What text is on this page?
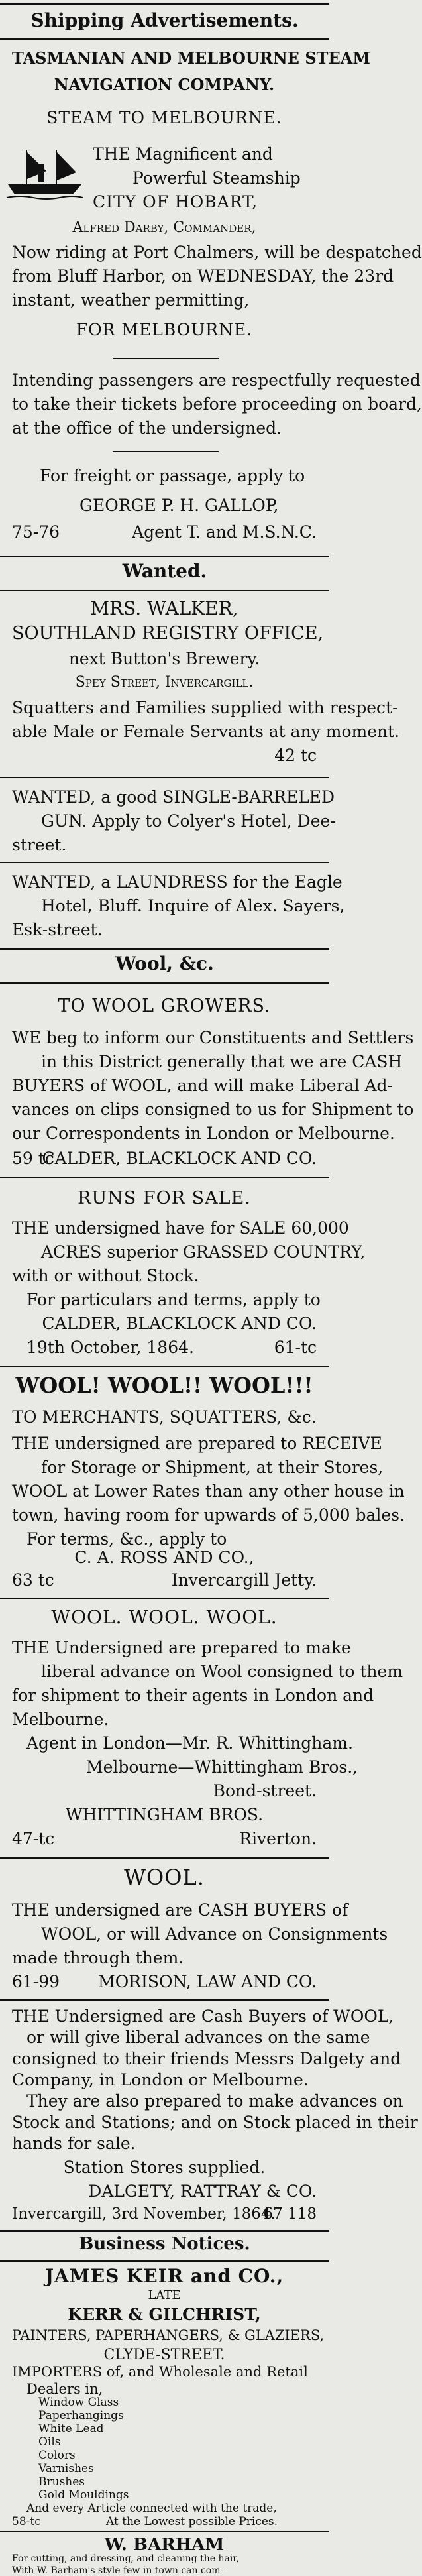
Shipping Advertisements.
TASMANIAN AND MELBOURNE STEAM
NAVIGATION COMPANY.
STEAM TO MELBOURNE.
THE Magnificent and
Powerful Steamship
CITY OF HOBART,
Alfred Darby, Commander,
Now riding at Port Chalmers, will be despatched
from Bluff Harbor, on WEDNESDAY, the 23rd
instant, weather permitting,
FOR MELBOURNE.
Intending passengers are respectfully requested
to take their tickets before proceeding on board,
at the office of the undersigned.
For freight or passage, apply to
GEORGE P. H. GALLOP,
75-76	Agent T. and M.S.N.C.
Wanted.
MRS. WALKER,
SOUTHLAND REGISTRY OFFICE,
next Button's Brewery.
Spey Street, Invercargill.
Squatters and Families supplied with respect-
able Male or Female Servants at any moment.
42 tc
WANTED, a good SINGLE-BARRELED
GUN. Apply to Colyer's Hotel, Dee-
street.
WANTED, a LAUNDRESS for the Eagle
Hotel, Bluff. Inquire of Alex. Sayers,
Esk-street.
Wool, &c.
TO WOOL GROWERS.
WE beg to inform our Constituents and Settlers
in this District generally that we are CASH
BUYERS of WOOL, and will make Liberal Ad-
vances on clips consigned to us for Shipment to
our Correspondents in London or Melbourne.
59 tc
CALDER, BLACKLOCK AND CO.
RUNS FOR SALE.
THE undersigned have for SALE 60,000
ACRES superior GRASSED COUNTRY,
with or without Stock.
For particulars and terms, apply to
CALDER, BLACKLOCK AND CO.
19th October, 1864.	61-tc
WOOL! WOOL!! WOOL!!!
TO MERCHANTS, SQUATTERS, &c.
THE undersigned are prepared to RECEIVE
for Storage or Shipment, at their Stores,
WOOL at Lower Rates than any other house in
town, having room for upwards of 5,000 bales.
For terms, &c., apply to
C. A. ROSS AND CO.,
63 tc	Invercargill Jetty.
WOOL. WOOL. WOOL.
THE Undersigned are prepared to make
liberal advance on Wool consigned to them
for shipment to their agents in London and
Melbourne.
Agent in London—Mr. R. Whittingham.
Melbourne—Whittingham Bros.,
Bond-street.
WHITTINGHAM BROS.
47-tc	Riverton.
WOOL.
THE undersigned are CASH BUYERS of
WOOL, or will Advance on Consignments
made through them.
61-99	MORISON, LAW AND CO.
THE Undersigned are Cash Buyers of WOOL,
or will give liberal advances on the same
consigned to their friends Messrs Dalgety and
Company, in London or Melbourne.
They are also prepared to make advances on
Stock and Stations; and on Stock placed in their
hands for sale.
Station Stores supplied.
DALGETY, RATTRAY & CO.
Invercargill, 3rd November, 1864.
67 118
Business Notices.
JAMES KEIR and CO.,
LATE
KERR & GILCHRIST,
PAINTERS, PAPERHANGERS, & GLAZIERS,
CLYDE-STREET.
IMPORTERS of, and Wholesale and Retail
Dealers in,
Window Glass
Paperhangings
White Lead
Oils
Colors
Varnishes
Brushes
Gold Mouldings
And every Article connected with the trade,
58-tc	At the Lowest possible Prices.
W. BARHAM
For cutting, and dressing, and cleaning the hair,
With W. Barham's style few in town can com-
